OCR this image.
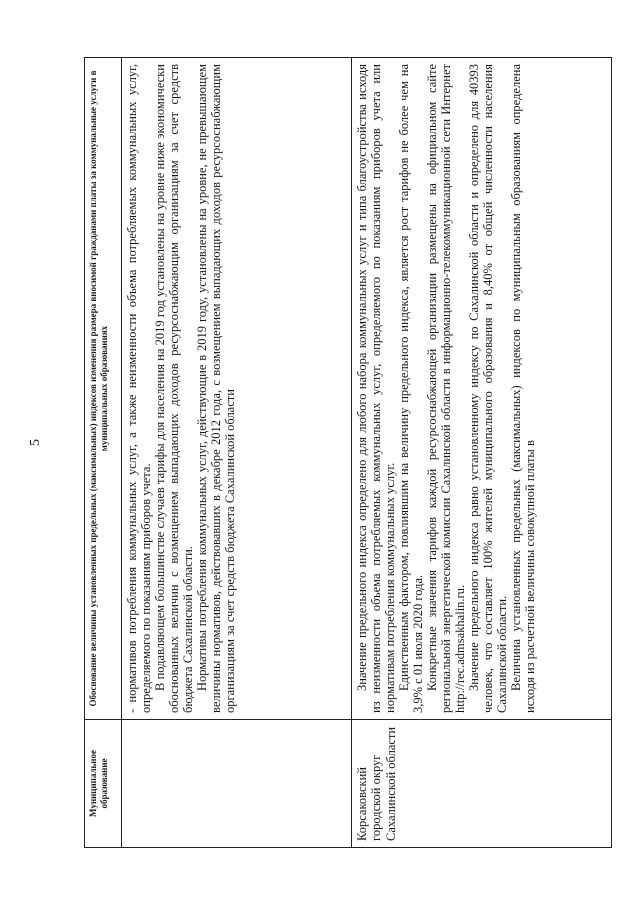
5
Муниципальное образование	Обоснование величины установленных предельных (максимальных) индексов изменения размера вносимой гражданами платы за коммунальные услуги в муниципальных образованиях

	- нормативов потребления коммунальных услуг, а также неизменности объема потребляемых коммунальных услуг, определяемого по показаниям приборов учета. В подавляющем большинстве случаев тарифы для населения на 2019 год установлены на уровне ниже экономически обоснованных величин с возмещением выпадающих доходов ресурсоснабжающим организациям за счет средств бюджета Сахалинской области. Нормативы потребления коммунальных услуг, действующие в 2019 году, установлены на уровне, не превышающем величины нормативов, действовавших в декабре 2012 года, с возмещением выпадающих доходов ресурсоснабжающим организациям за счет средств бюджета Сахалинской области

Корсаковский городской округ Сахалинской области	Значение предельного индекса определено для любого набора коммунальных услуг и типа благоустройства исходя из неизменности объема потребляемых коммунальных услуг, определяемого по показаниям приборов учета или нормативам потребления коммунальных услуг. Единственным фактором, повлиявшим на величину предельного индекса, является рост тарифов не более чем на 3,9% с 01 июля 2020 года. Конкретные значения тарифов каждой ресурсоснабжающей организации размещены на официальном сайте региональной энергетической комиссии Сахалинской области в информационно-телекоммуникационной сети Интернет http://rec.admsakhalin.ru. Значение предельного индекса равно установленному индексу по Сахалинской области и определено для 40393 человек, что составляет 100% жителей муниципального образования и 8,40% от общей численности населения Сахалинской области. Величина установленных предельных (максимальных) индексов по муниципальным образованиям определена исходя из расчетной величины совокупной платы в
